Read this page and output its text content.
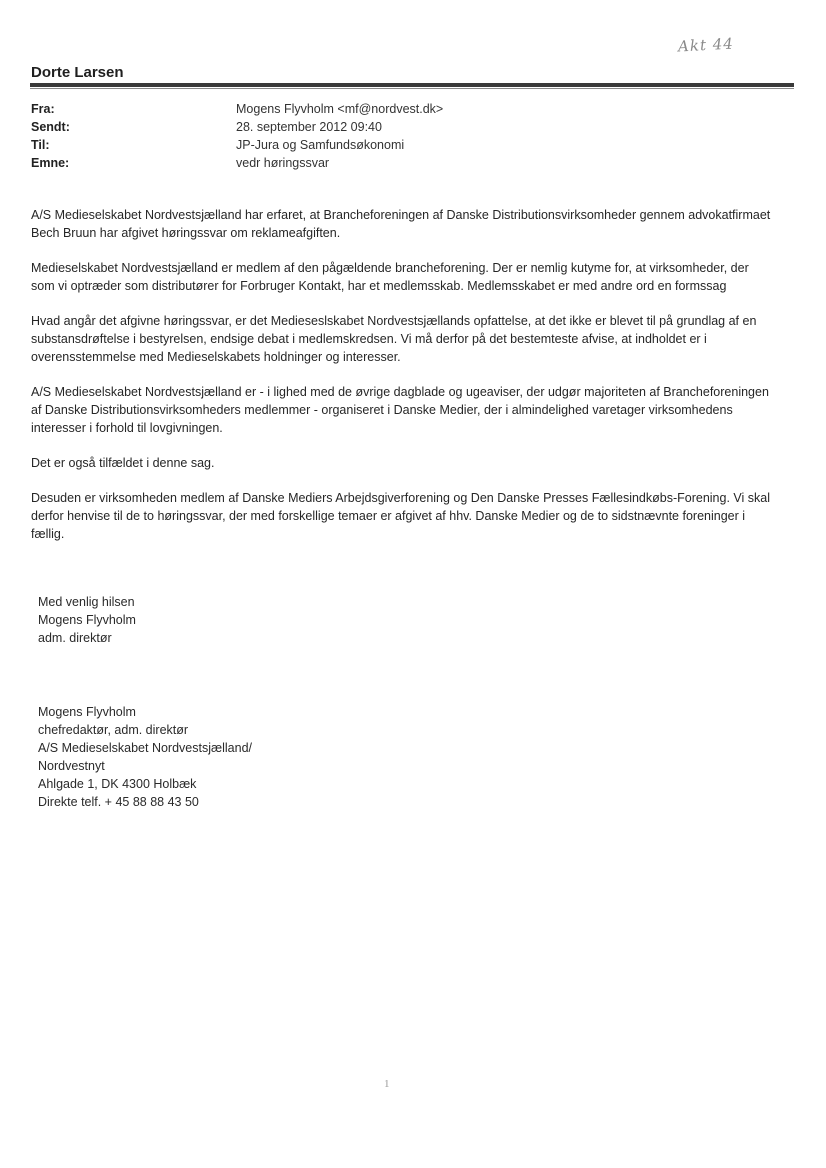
Akt 44
Dorte Larsen
Fra:	Mogens Flyvholm <mf@nordvest.dk>
Sendt:	28. september 2012 09:40
Til:	JP-Jura og Samfundsøkonomi
Emne:	vedr høringssvar

A/S Medieselskabet Nordvestsjælland har erfaret, at Brancheforeningen af Danske Distributionsvirksomheder gennem advokatfirmaet Bech Bruun har afgivet høringssvar om reklameafgiften.

Medieselskabet Nordvestsjælland er medlem af den pågældende brancheforening. Der er nemlig kutyme for, at virksomheder, der som vi optræder som distributører for Forbruger Kontakt, har et medlemsskab. Medlemsskabet er med andre ord en formssag

Hvad angår det afgivne høringssvar, er det Medieseslskabet Nordvestsjællands opfattelse, at det ikke er blevet til på grundlag af en substansdrøftelse i bestyrelsen, endsige debat i medlemskredsen. Vi må derfor på det bestemteste afvise, at indholdet er i overensstemmelse med Medieselskabets holdninger og interesser.

A/S Medieselskabet Nordvestsjælland er - i lighed med de øvrige dagblade og ugeaviser, der udgør majoriteten af Brancheforeningen af Danske Distributionsvirksomheders medlemmer - organiseret i Danske Medier, der i almindelighed varetager virksomhedens interesser i forhold til lovgivningen.

Det er også tilfældet i denne sag.

Desuden er virksomheden medlem af Danske Mediers Arbejdsgiverforening og Den Danske Presses Fællesindkøbs-Forening. Vi skal derfor henvise til de to høringssvar, der med forskellige temaer er afgivet af hhv. Danske Medier og de to sidstnævnte foreninger i fællig.

Med venlig hilsen
Mogens Flyvholm
adm. direktør
Mogens Flyvholm
chefredaktør, adm. direktør
A/S Medieselskabet Nordvestsjælland/
Nordvestnyt
Ahlgade 1, DK 4300 Holbæk
Direkte telf. + 45 88 88 43 50
1
